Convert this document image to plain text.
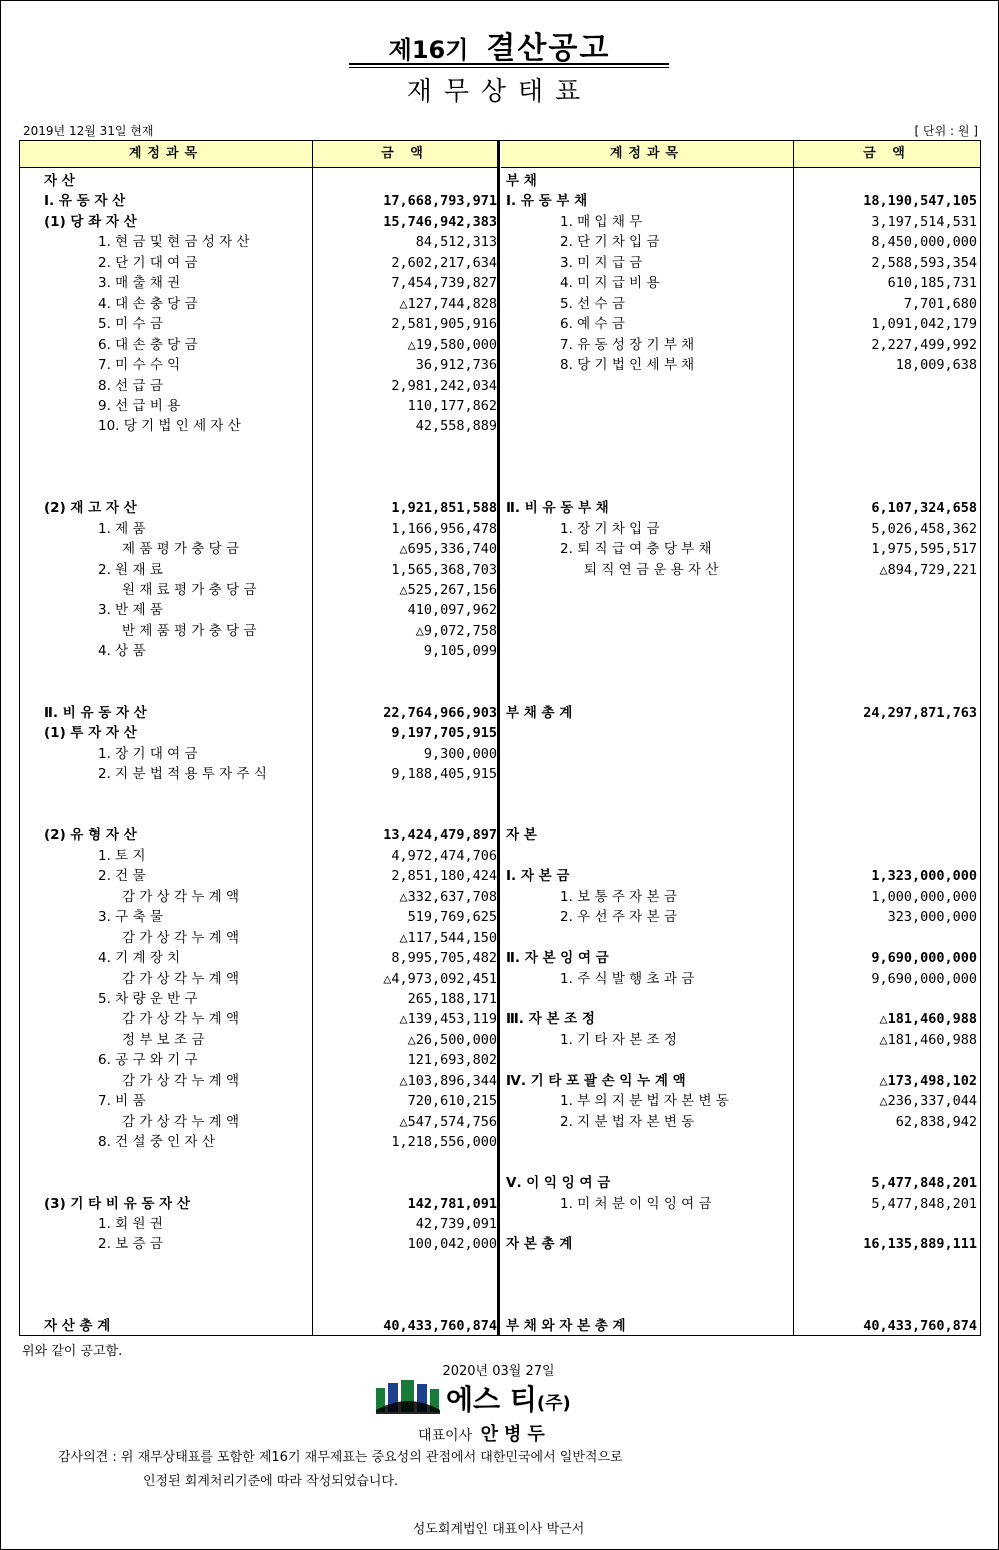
제16기 결산공고
재무상태표
2019년 12월 31일 현재	[ 단위 : 원 ]
계정과목	금 액	계정과목	금 액
자 산
Ⅰ. 유 동 자 산	17,668,793,971
(1) 당 좌 자 산	15,746,942,383
1. 현 금 및 현 금 성 자 산	84,512,313
2. 단 기 대 여 금	2,602,217,634
3. 매 출 채 권	7,454,739,827
4. 대 손 충 당 금	△127,744,828
5. 미 수 금	2,581,905,916
6. 대 손 충 당 금	△19,580,000
7. 미 수 수 익	36,912,736
8. 선 급 금	2,981,242,034
9. 선 급 비 용	110,177,862
10. 당 기 법 인 세 자 산	42,558,889
(2) 재 고 자 산	1,921,851,588
1. 제 품	1,166,956,478
제 품 평 가 충 당 금	△695,336,740
2. 원 재 료	1,565,368,703
원 재 료 평 가 충 당 금	△525,267,156
3. 반 제 품	410,097,962
반 제 품 평 가 충 당 금	△9,072,758
4. 상 품	9,105,099
Ⅱ. 비 유 동 자 산	22,764,966,903
(1) 투 자 자 산	9,197,705,915
1. 장 기 대 여 금	9,300,000
2. 지 분 법 적 용 투 자 주 식	9,188,405,915
(2) 유 형 자 산	13,424,479,897
1. 토 지	4,972,474,706
2. 건 물	2,851,180,424
감 가 상 각 누 계 액	△332,637,708
3. 구 축 물	519,769,625
감 가 상 각 누 계 액	△117,544,150
4. 기 계 장 치	8,995,705,482
감 가 상 각 누 계 액	△4,973,092,451
5. 차 량 운 반 구	265,188,171
감 가 상 각 누 계 액	△139,453,119
정 부 보 조 금	△26,500,000
6. 공 구 와 기 구	121,693,802
감 가 상 각 누 계 액	△103,896,344
7. 비 품	720,610,215
감 가 상 각 누 계 액	△547,574,756
8. 건 설 중 인 자 산	1,218,556,000
(3) 기 타 비 유 동 자 산	142,781,091
1. 회 원 권	42,739,091
2. 보 증 금	100,042,000
자 산 총 계	40,433,760,874
부 채
Ⅰ. 유 동 부 채	18,190,547,105
1. 매 입 채 무	3,197,514,531
2. 단 기 차 입 금	8,450,000,000
3. 미 지 급 금	2,588,593,354
4. 미 지 급 비 용	610,185,731
5. 선 수 금	7,701,680
6. 예 수 금	1,091,042,179
7. 유 동 성 장 기 부 채	2,227,499,992
8. 당 기 법 인 세 부 채	18,009,638
Ⅱ. 비 유 동 부 채	6,107,324,658
1. 장 기 차 입 금	5,026,458,362
2. 퇴 직 급 여 충 당 부 채	1,975,595,517
퇴 직 연 금 운 용 자 산	△894,729,221
부 채 총 계	24,297,871,763
자 본
Ⅰ. 자 본 금	1,323,000,000
1. 보 통 주 자 본 금	1,000,000,000
2. 우 선 주 자 본 금	323,000,000
Ⅱ. 자 본 잉 여 금	9,690,000,000
1. 주 식 발 행 초 과 금	9,690,000,000
Ⅲ. 자 본 조 정	△181,460,988
1. 기 타 자 본 조 정	△181,460,988
Ⅳ. 기 타 포 괄 손 익 누 계 액	△173,498,102
1. 부 의 지 분 법 자 본 변 동	△236,337,044
2. 지 분 법 자 본 변 동	62,838,942
Ⅴ. 이 익 잉 여 금	5,477,848,201
1. 미 처 분 이 익 잉 여 금	5,477,848,201
자 본 총 계	16,135,889,111
부 채 와 자 본 총 계	40,433,760,874
위와 같이 공고함.
2020년 03월 27일
에스 티(주)
대표이사 안병두
감사의견 : 위 재무상태표를 포함한 제16기 재무제표는 중요성의 관점에서 대한민국에서 일반적으로
인정된 회계처리기준에 따라 작성되었습니다.
성도회계법인 대표이사 박근서
